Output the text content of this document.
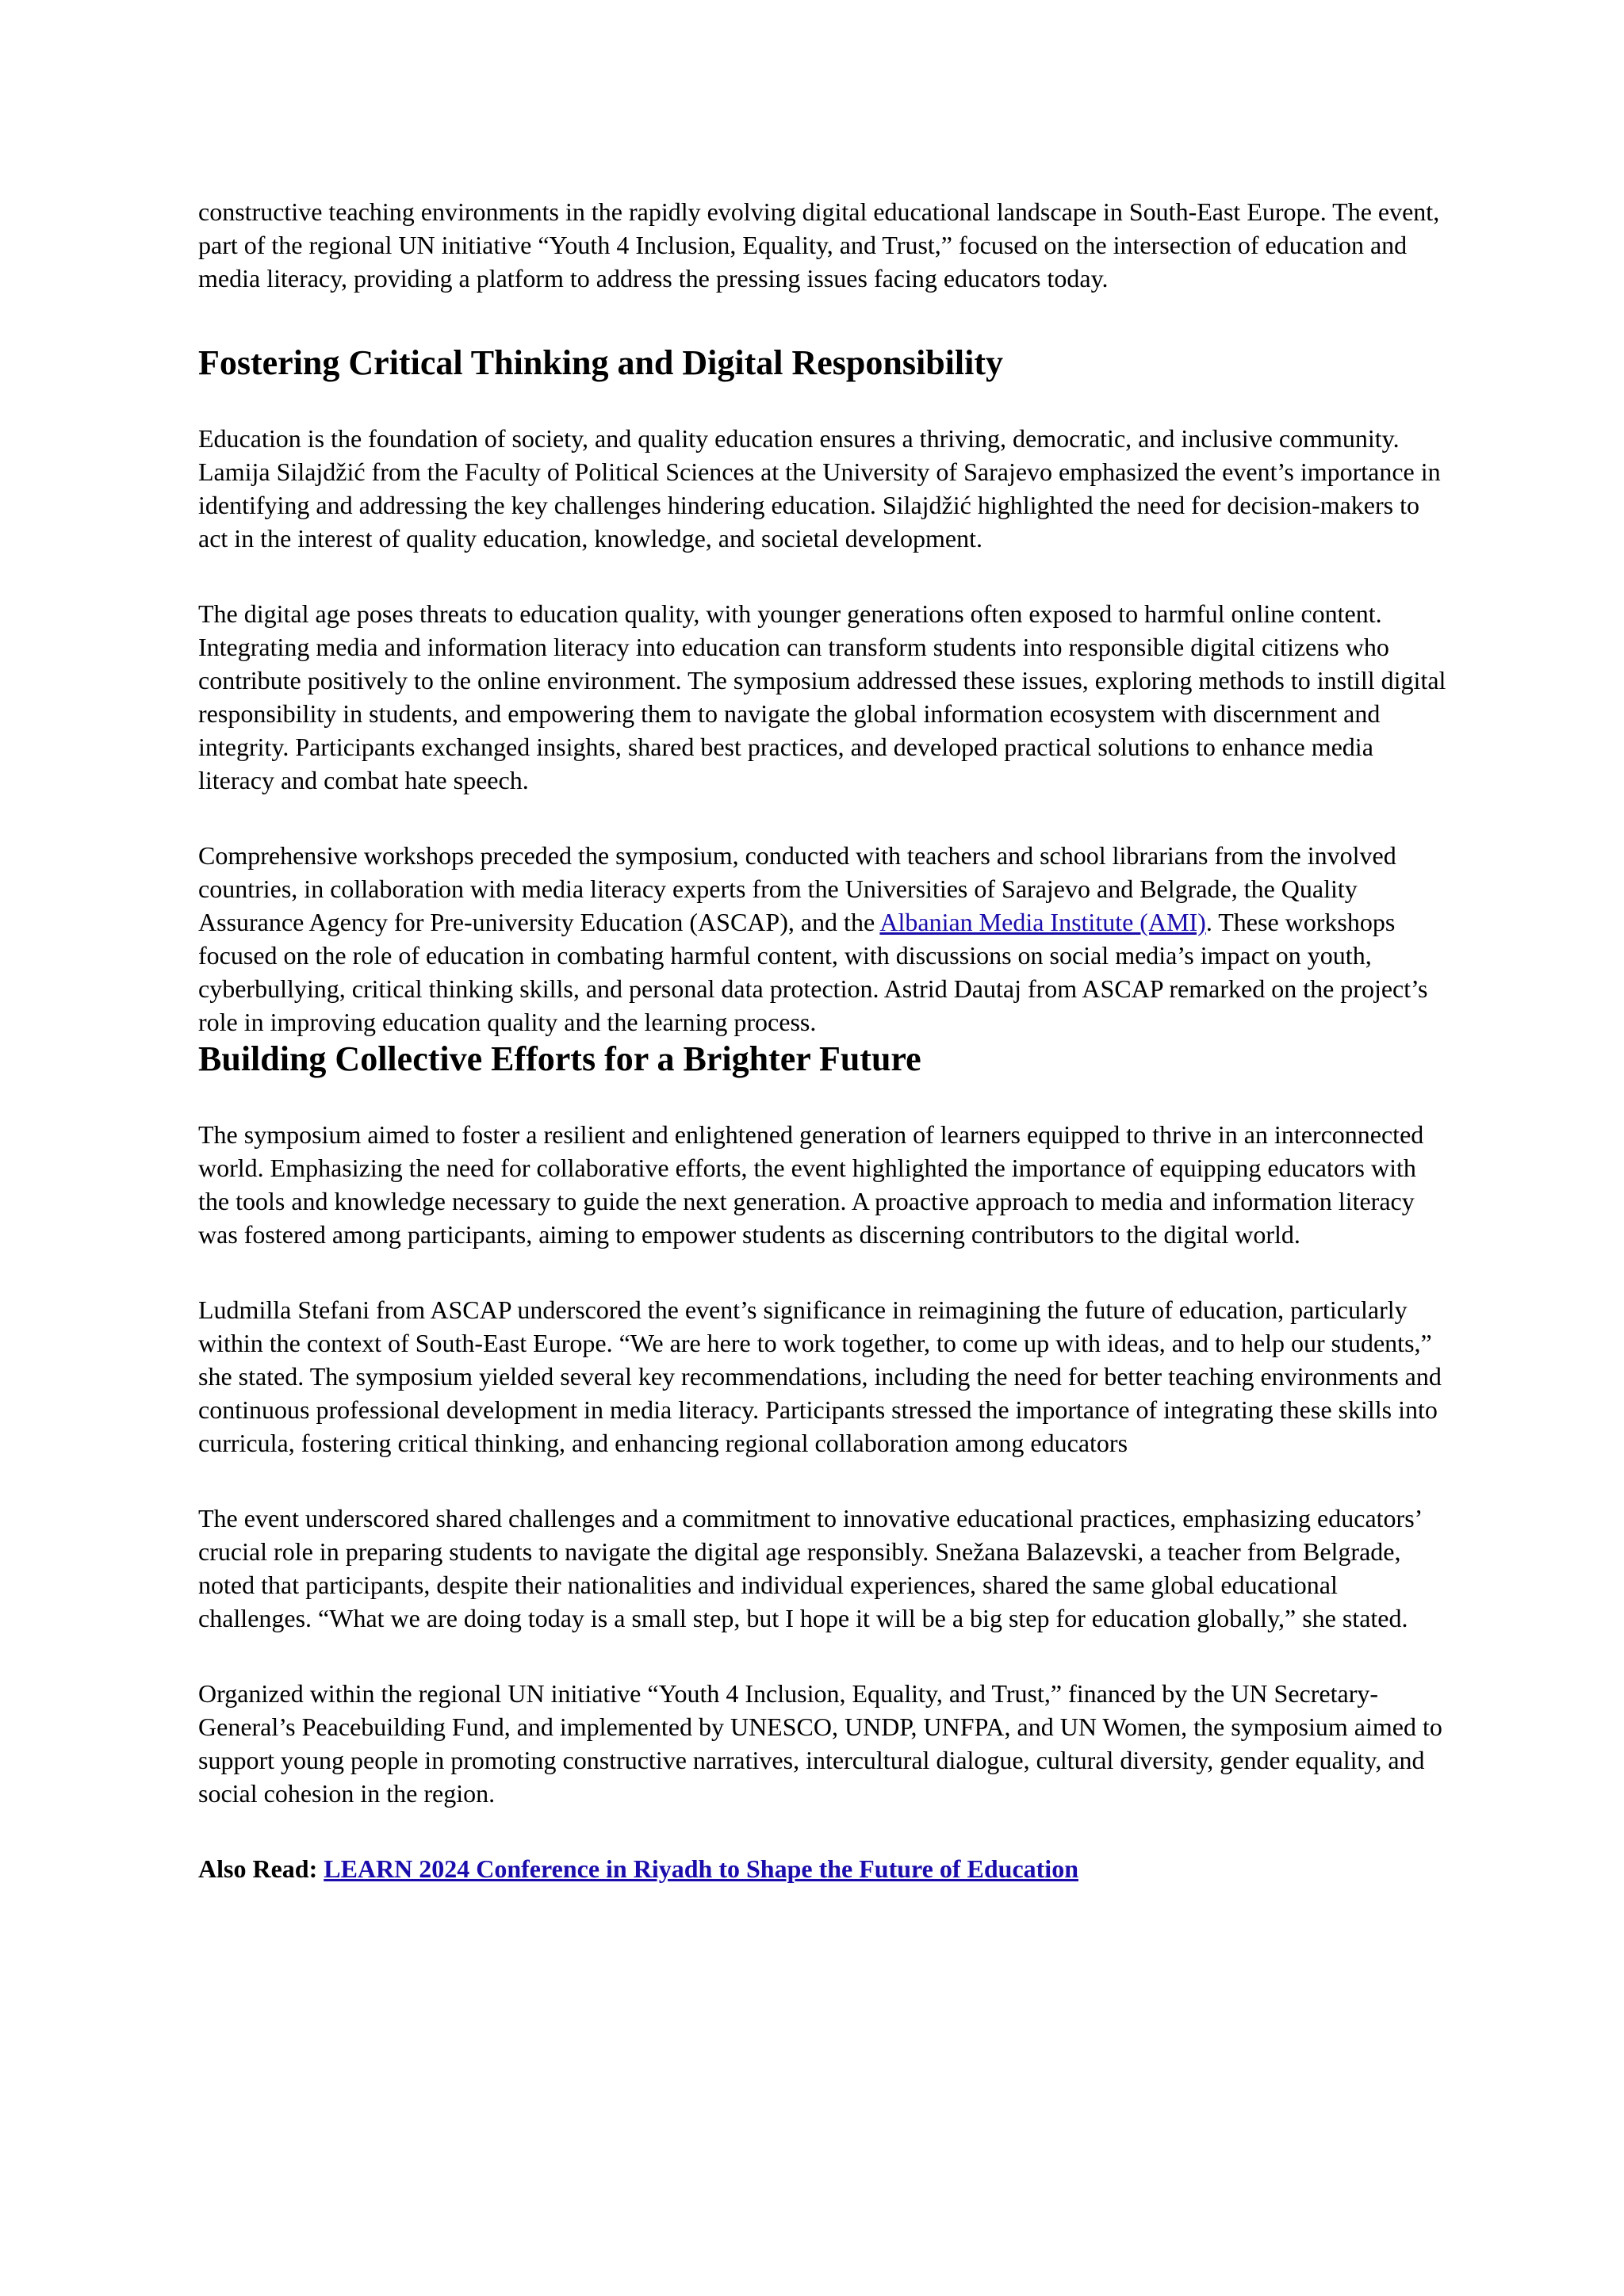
constructive teaching environments in the rapidly evolving digital educational landscape in South-East Europe. The event, part of the regional UN initiative “Youth 4 Inclusion, Equality, and Trust,” focused on the intersection of education and media literacy, providing a platform to address the pressing issues facing educators today.

Fostering Critical Thinking and Digital Responsibility

Education is the foundation of society, and quality education ensures a thriving, democratic, and inclusive community. Lamija Silajdžić from the Faculty of Political Sciences at the University of Sarajevo emphasized the event’s importance in identifying and addressing the key challenges hindering education. Silajdžić highlighted the need for decision-makers to act in the interest of quality education, knowledge, and societal development.

The digital age poses threats to education quality, with younger generations often exposed to harmful online content. Integrating media and information literacy into education can transform students into responsible digital citizens who contribute positively to the online environment. The symposium addressed these issues, exploring methods to instill digital responsibility in students, and empowering them to navigate the global information ecosystem with discernment and integrity. Participants exchanged insights, shared best practices, and developed practical solutions to enhance media literacy and combat hate speech.

Comprehensive workshops preceded the symposium, conducted with teachers and school librarians from the involved countries, in collaboration with media literacy experts from the Universities of Sarajevo and Belgrade, the Quality Assurance Agency for Pre-university Education (ASCAP), and the Albanian Media Institute (AMI). These workshops focused on the role of education in combating harmful content, with discussions on social media’s impact on youth, cyberbullying, critical thinking skills, and personal data protection. Astrid Dautaj from ASCAP remarked on the project’s role in improving education quality and the learning process.

Building Collective Efforts for a Brighter Future

The symposium aimed to foster a resilient and enlightened generation of learners equipped to thrive in an interconnected world. Emphasizing the need for collaborative efforts, the event highlighted the importance of equipping educators with the tools and knowledge necessary to guide the next generation. A proactive approach to media and information literacy was fostered among participants, aiming to empower students as discerning contributors to the digital world.

Ludmilla Stefani from ASCAP underscored the event’s significance in reimagining the future of education, particularly within the context of South-East Europe. “We are here to work together, to come up with ideas, and to help our students,” she stated. The symposium yielded several key recommendations, including the need for better teaching environments and continuous professional development in media literacy. Participants stressed the importance of integrating these skills into curricula, fostering critical thinking, and enhancing regional collaboration among educators

The event underscored shared challenges and a commitment to innovative educational practices, emphasizing educators’ crucial role in preparing students to navigate the digital age responsibly. Snežana Balazevski, a teacher from Belgrade, noted that participants, despite their nationalities and individual experiences, shared the same global educational challenges. “What we are doing today is a small step, but I hope it will be a big step for education globally,” she stated.

Organized within the regional UN initiative “Youth 4 Inclusion, Equality, and Trust,” financed by the UN Secretary-General’s Peacebuilding Fund, and implemented by UNESCO, UNDP, UNFPA, and UN Women, the symposium aimed to support young people in promoting constructive narratives, intercultural dialogue, cultural diversity, gender equality, and social cohesion in the region.

Also Read: LEARN 2024 Conference in Riyadh to Shape the Future of Education
